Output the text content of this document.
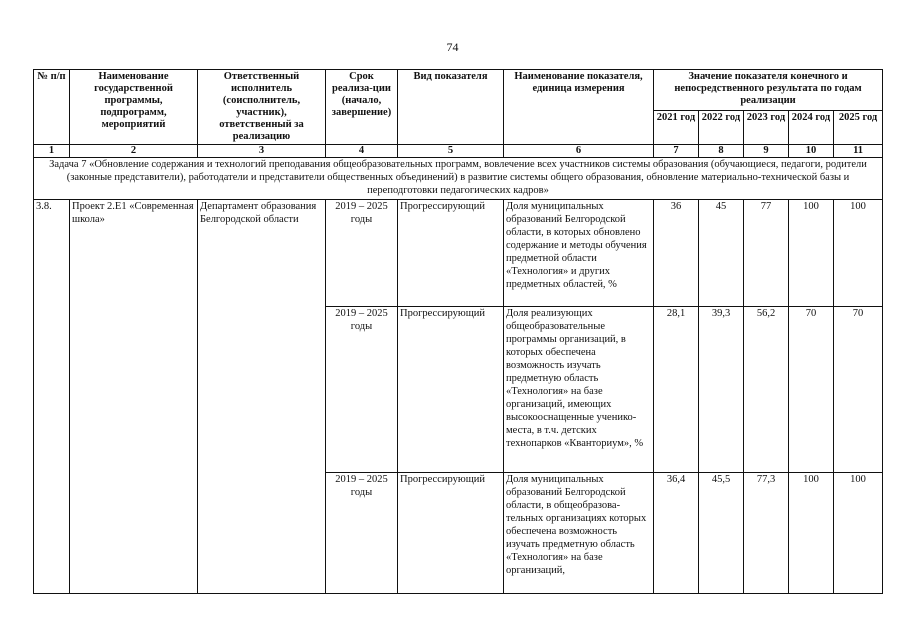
74
№ п/п	Наименование государственной программы, подпрограмм, мероприятий	Ответственный исполнитель (соисполнитель, участник), ответственный за реализацию	Срок реализа-ции (начало, завершение)	Вид показателя	Наименование показателя, единица измерения	Значение показателя конечного и непосредственного результата по годам реализации				
						2021 год	2022 год	2023 год	2024 год	2025 год
1	2	3	4	5	6	7	8	9	10	11
Задача 7 «Обновление содержания и технологий преподавания общеобразовательных программ, вовлечение всех участников системы образования (обучающиеся, педагоги, родители (законные представители), работодатели и представители общественных объединений) в развитие системы общего образования, обновление материально-технической базы и переподготовки педагогических кадров»										
3.8.	Проект 2.Е1 «Современная школа»	Департамент образования Белгородской области	2019 – 2025 годы	Прогрессирующий	Доля муниципальных образований Белгородской области, в которых обновлено содержание и методы обучения предметной области «Технология» и других предметных областей, %	36	45	77	100	100
			2019 – 2025 годы	Прогрессирующий	Доля реализующих общеобразовательные программы организаций, в которых обеспечена возможность изучать предметную область «Технология» на базе организаций, имеющих высокооснащенные ученико-места, в т.ч. детских технопарков «Кванториум», %	28,1	39,3	56,2	70	70
			2019 – 2025 годы	Прогрессирующий	Доля муниципальных образований Белгородской области, в общеобразова-тельных организациях которых обеспечена возможность изучать предметную область «Технология» на базе организаций,	36,4	45,5	77,3	100	100
